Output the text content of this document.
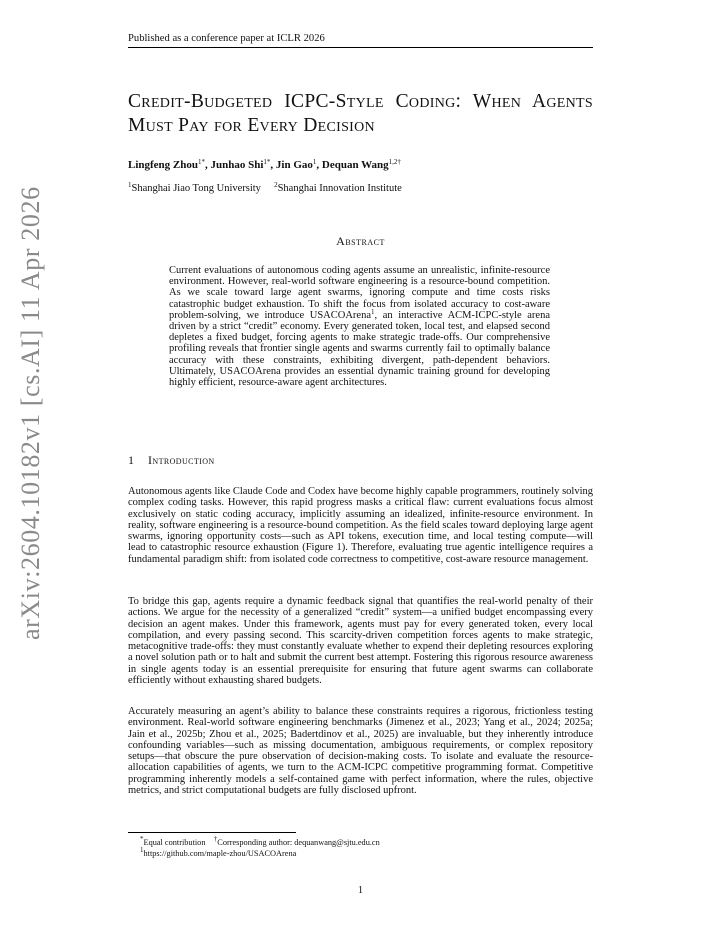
Published as a conference paper at ICLR 2026
arXiv:2604.10182v1 [cs.AI] 11 Apr 2026
Credit-Budgeted ICPC-Style Coding: When Agents Must Pay for Every Decision
Lingfeng Zhou$^{1*}$, Junhao Shi$^{1*}$, Jin Gao$^1$, Dequan Wang$^{1,2\dagger}$
$^1$Shanghai Jiao Tong University $^2$Shanghai Innovation Institute
Abstract

Current evaluations of autonomous coding agents assume an unrealistic, infinite-resource environment. However, real-world software engineering is a resource-bound competition. As we scale toward large agent swarms, ignoring compute and time costs risks catastrophic budget exhaustion. To shift the focus from isolated accuracy to cost-aware problem-solving, we introduce USACOArena$^1$, an interactive ACM-ICPC-style arena driven by a strict “credit” economy. Every generated token, local test, and elapsed second depletes a fixed budget, forcing agents to make strategic trade-offs. Our comprehensive profiling reveals that frontier single agents and swarms currently fail to optimally balance accuracy with these constraints, exhibiting divergent, path-dependent behaviors. Ultimately, USACOArena provides an essential dynamic training ground for developing highly efficient, resource-aware agent architectures.

1 Introduction

Autonomous agents like Claude Code and Codex have become highly capable programmers, routinely solving complex coding tasks. However, this rapid progress masks a critical flaw: current evaluations focus almost exclusively on static coding accuracy, implicitly assuming an idealized, infinite-resource environment. In reality, software engineering is a resource-bound competition. As the field scales toward deploying large agent swarms, ignoring opportunity costs—such as API tokens, execution time, and local testing compute—will lead to catastrophic resource exhaustion (Figure 1). Therefore, evaluating true agentic intelligence requires a fundamental paradigm shift: from isolated code correctness to competitive, cost-aware resource management.

To bridge this gap, agents require a dynamic feedback signal that quantifies the real-world penalty of their actions. We argue for the necessity of a generalized “credit” system—a unified budget encompassing every decision an agent makes. Under this framework, agents must pay for every generated token, every local compilation, and every passing second. This scarcity-driven competition forces agents to make strategic, metacognitive trade-offs: they must constantly evaluate whether to expend their depleting resources exploring a novel solution path or to halt and submit the current best attempt. Fostering this rigorous resource awareness in single agents today is an essential prerequisite for ensuring that future agent swarms can collaborate efficiently without exhausting shared budgets.

Accurately measuring an agent’s ability to balance these constraints requires a rigorous, frictionless testing environment. Real-world software engineering benchmarks (Jimenez et al., 2023; Yang et al., 2024; 2025a; Jain et al., 2025b; Zhou et al., 2025; Badertdinov et al., 2025) are invaluable, but they inherently introduce confounding variables—such as missing documentation, ambiguous requirements, or complex repository setups—that obscure the pure observation of decision-making costs. To isolate and evaluate the resource-allocation capabilities of agents, we turn to the ACM-ICPC competitive programming format. Competitive programming inherently models a self-contained game with perfect information, where the rules, objective metrics, and strict computational budgets are fully disclosed upfront.

*Equal contribution †Corresponding author: dequanwang@sjtu.edu.cn
$^1$https://github.com/maple-zhou/USACOArena
1
